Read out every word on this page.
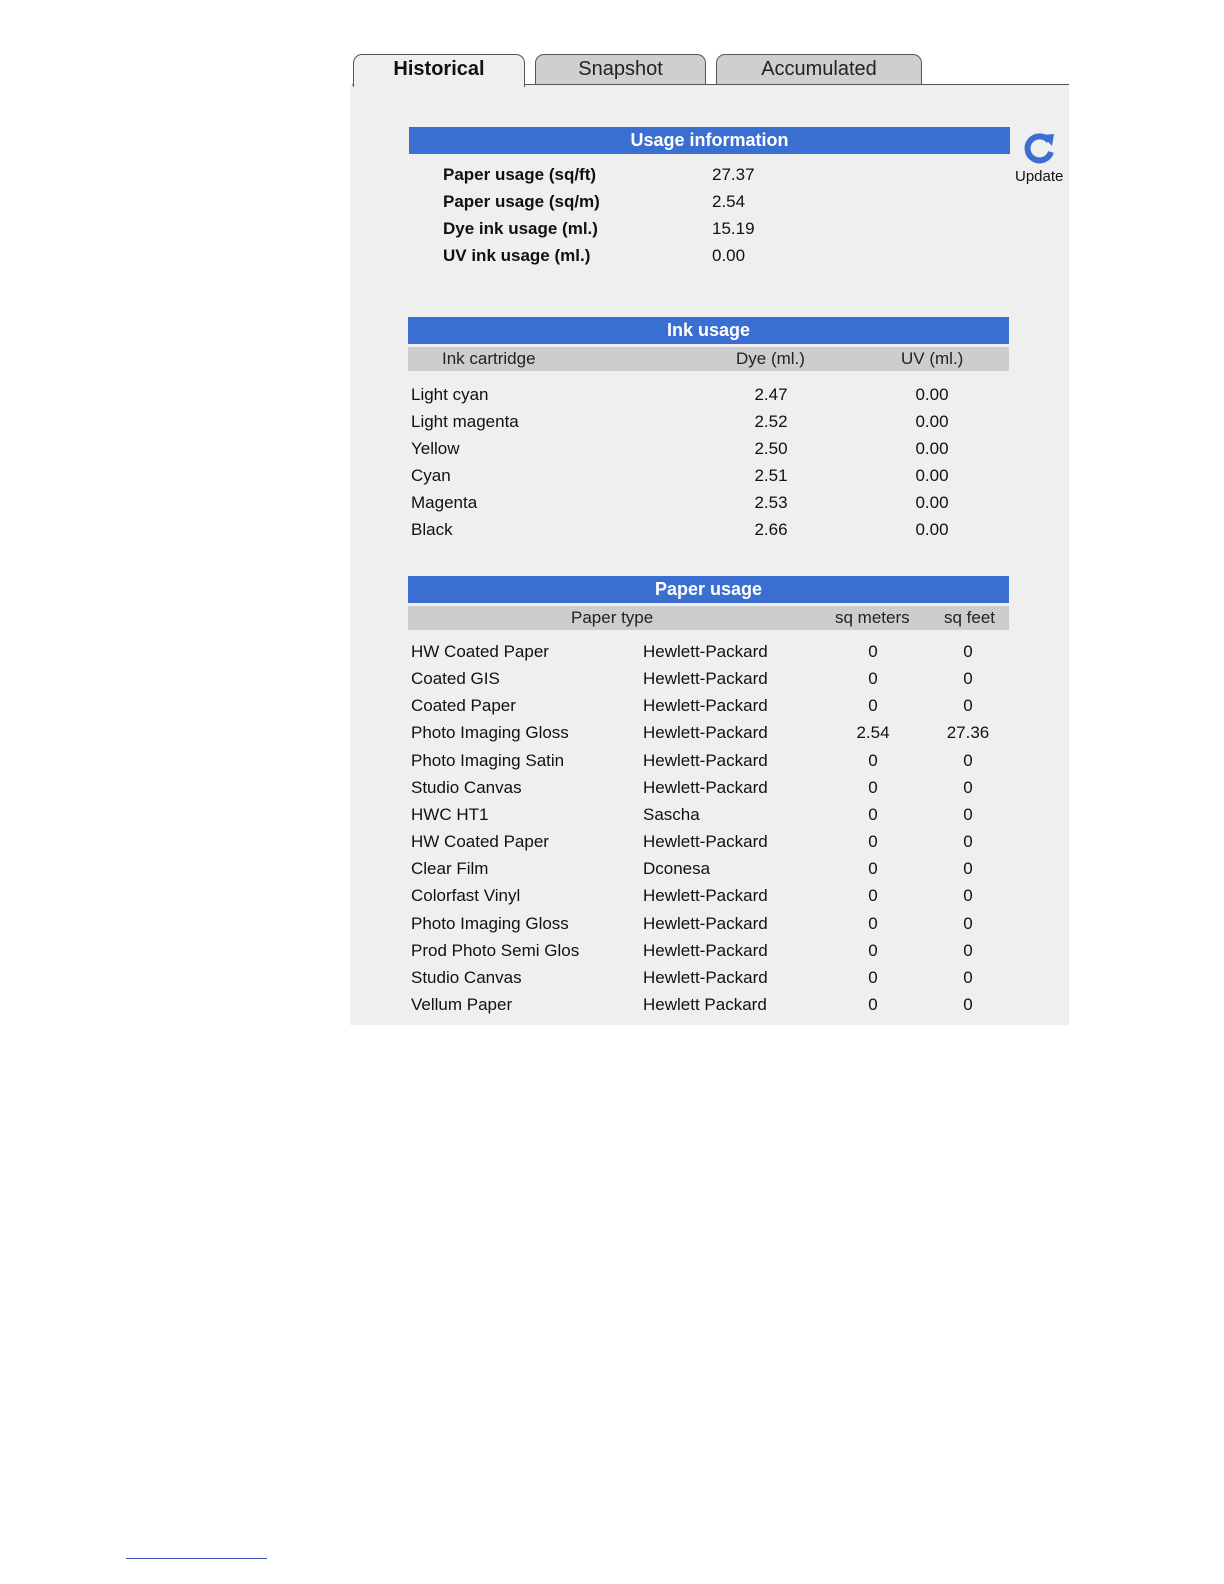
Historical	Snapshot	Accumulated
Update
Usage information
Paper usage (sq/ft)	27.37
Paper usage (sq/m)	2.54
Dye ink usage (ml.)	15.19
UV ink usage (ml.)	0.00
Ink usage
Ink cartridge	Dye (ml.)	UV (ml.)
Light cyan	2.47	0.00
Light magenta	2.52	0.00
Yellow	2.50	0.00
Cyan	2.51	0.00
Magenta	2.53	0.00
Black	2.66	0.00
Paper usage
Paper type	sq meters sq feet
HW Coated Paper	Hewlett-Packard	0	0
Coated GIS	Hewlett-Packard	0	0
Coated Paper	Hewlett-Packard	0	0
Photo Imaging Gloss	Hewlett-Packard	2.54	27.36
Photo Imaging Satin	Hewlett-Packard	0	0
Studio Canvas	Hewlett-Packard	0	0
HWC HT1	Sascha	0	0
HW Coated Paper	Hewlett-Packard	0	0
Clear Film	Dconesa	0	0
Colorfast Vinyl	Hewlett-Packard	0	0
Photo Imaging Gloss	Hewlett-Packard	0	0
Prod Photo Semi Glos	Hewlett-Packard	0	0
Studio Canvas	Hewlett-Packard	0	0
Vellum Paper	Hewlett Packard	0	0
